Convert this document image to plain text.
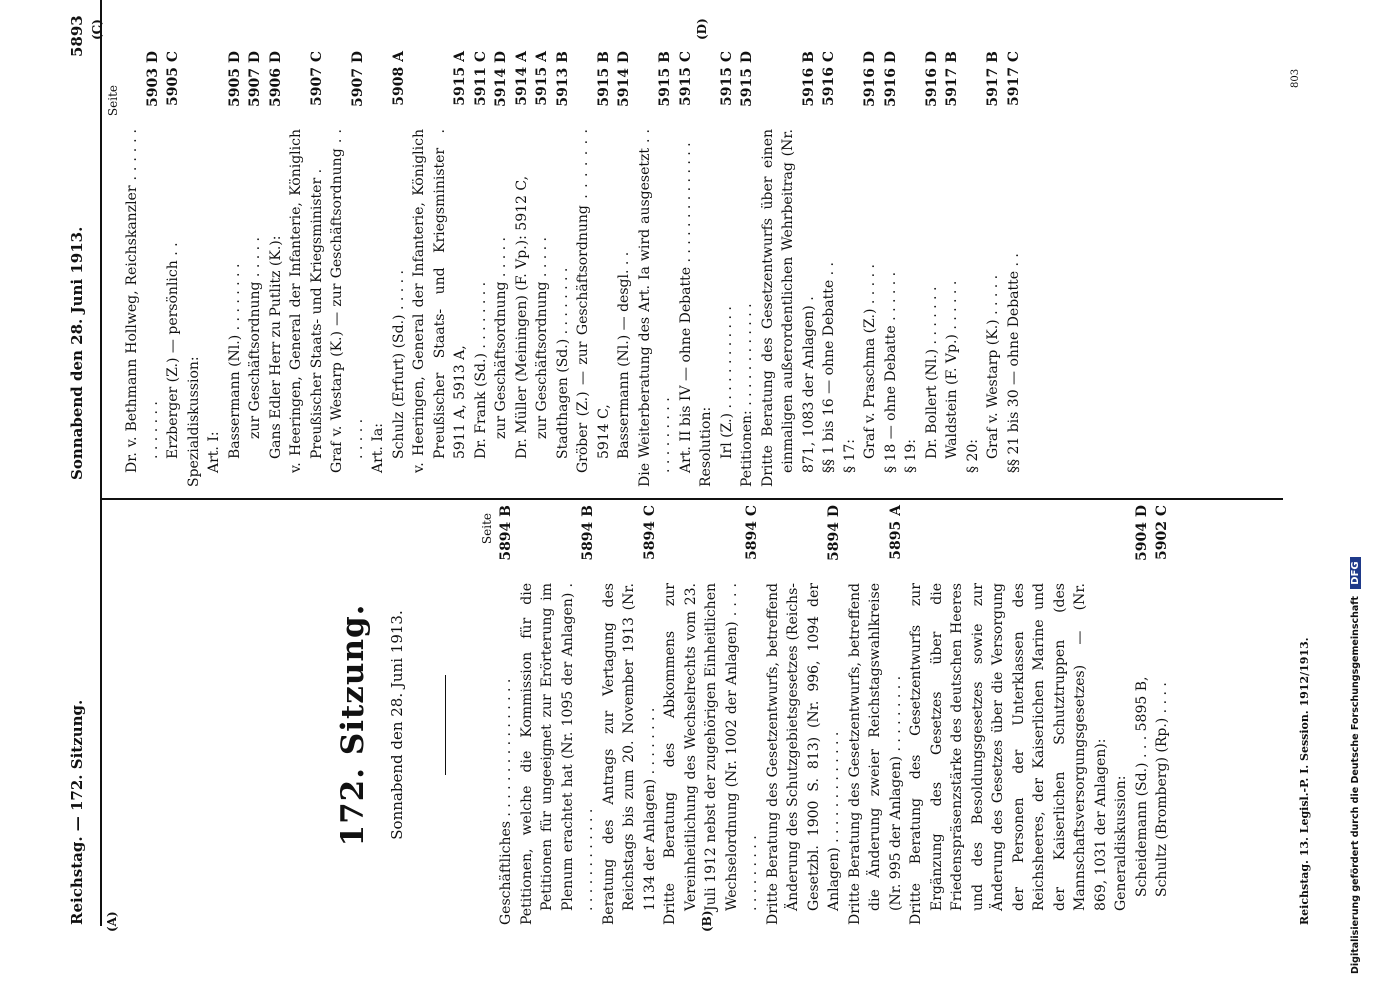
Reichstag. — 172. Sitzung.
Sonnabend den 28. Juni 1913.
5893
(A)	(B)
(C)	(D)
172. Sitzung. Sonnabend den 28. Juni 1913.
Seite
Geschäftliches . . . . . . . . . . . . . . . .
5894 B
Petitionen, welche die Kommission für die Petitionen für ungeeignet zur Erörterung im Plenum erachtet hat (Nr. 1095 der Anlagen) . . . . . . . . . . . . .
5894 B
Beratung des Antrags zur Vertagung des Reichstags bis zum 20. November 1913 (Nr. 1134 der Anlagen) . . . . . . . .
5894 C
Dritte Beratung des Abkommens zur Vereinheitlichung des Wechselrechts vom 23. Juli 1912 nebst der zugehörigen Einheitlichen Wechselordnung (Nr. 1002 der Anlagen) . . . . . . . . . . . . .
5894 C
Dritte Beratung des Gesetzentwurfs, betreffend Änderung des Schutzgebietsgesetzes (Reichs-Gesetzbl. 1900 S. 813) (Nr. 996, 1094 der Anlagen) . . . . . . . . . . . . .
5894 D
Dritte Beratung des Gesetzentwurfs, betreffend die Änderung zweier Reichstagswahlkreise (Nr. 995 der Anlagen) . . . . . . . . .
5895 A
Dritte Beratung des Gesetzentwurfs zur Ergänzung des Gesetzes über die Friedenspräsenzstärke des deutschen Heeres und des Besoldungsgesetzes sowie zur Änderung des Gesetzes über die Versorgung der Personen der Unterklassen des Reichsheeres, der Kaiserlichen Marine und der Kaiserlichen Schutztruppen (des Mannschaftsversorgungsgesetzes) — (Nr. 869, 1031 der Anlagen): Generaldiskussion: Scheidemann (Sd.) . . . 5895 B,
5904 D
Schultz (Bromberg) (Rp.) . . . .
5902 C
Seite
Dr. v. Bethmann Hollweg, Reichskanzler . . . . . . . . . . . . .
5903 D
Erzberger (Z.) — persönlich . .
5905 C
Spezialdiskussion: Art. I: Bassermann (Nl.) . . . . . . . .
5905 D
zur Geschäftsordnung . . . . .
5907 D
Gans Edler Herr zu Putlitz (K.):
5906 D
v. Heeringen, General der Infanterie, Königlich Preußischer Staats- und Kriegsminister .
5907 C
Graf v. Westarp (K.) — zur Geschäftsordnung . . . . . . .
5907 D
Art. Ia: Schulz (Erfurt) (Sd.) . . . . .
5908 A
v. Heeringen, General der Infanterie, Königlich Preußischer Staats- und Kriegsminister . 5911 A, 5913 A,
5915 A
Dr. Frank (Sd.) . . . . . . . .
5911 C
zur Geschäftsordnung . . . . .
5914 D
Dr. Müller (Meiningen) (F. Vp.): 5912 C,
5914 A
zur Geschäftsordnung . . . . .
5915 A
Stadthagen (Sd.) . . . . . . . .
5913 B
Gröber (Z.) — zur Geschäftsordnung . . . . . . . 5914 C,
5915 B
Bassermann (Nl.) — desgl. . .
5914 D
Die Weiterberatung des Art. Ia wird ausgesetzt . . . . . . . . . . .
5915 B
Art. II bis IV — ohne Debatte . . . . . . . . . . . . . .
5915 C
Resolution: Irl (Z.) . . . . . . . . . . . .
5915 C
Petitionen: . . . . . . . . . . . .
5915 D
Dritte Beratung des Gesetzentwurfs über einen einmaligen außerordentlichen Wehrbeitrag (Nr. 871, 1083 der Anlagen) .
5916 B
§§ 1 bis 16 — ohne Debatte . .
5916 C
§ 17: Graf v. Praschma (Z.) . . . . .
5916 D
§ 18 — ohne Debatte . . . . . .
5916 D
§ 19: Dr. Bollert (Nl.) . . . . . . .
5916 D
Waldstein (F. Vp.) . . . . . .
5917 B
§ 20: Graf v. Westarp (K.) . . . . .
5917 B
§§ 21 bis 30 — ohne Debatte . .
5917 C
Reichstag. 13. Legisl.-P. I. Session. 1912/1913.
803
Digitalisierung gefördert durch die Deutsche Forschungsgemeinschaft DFG
